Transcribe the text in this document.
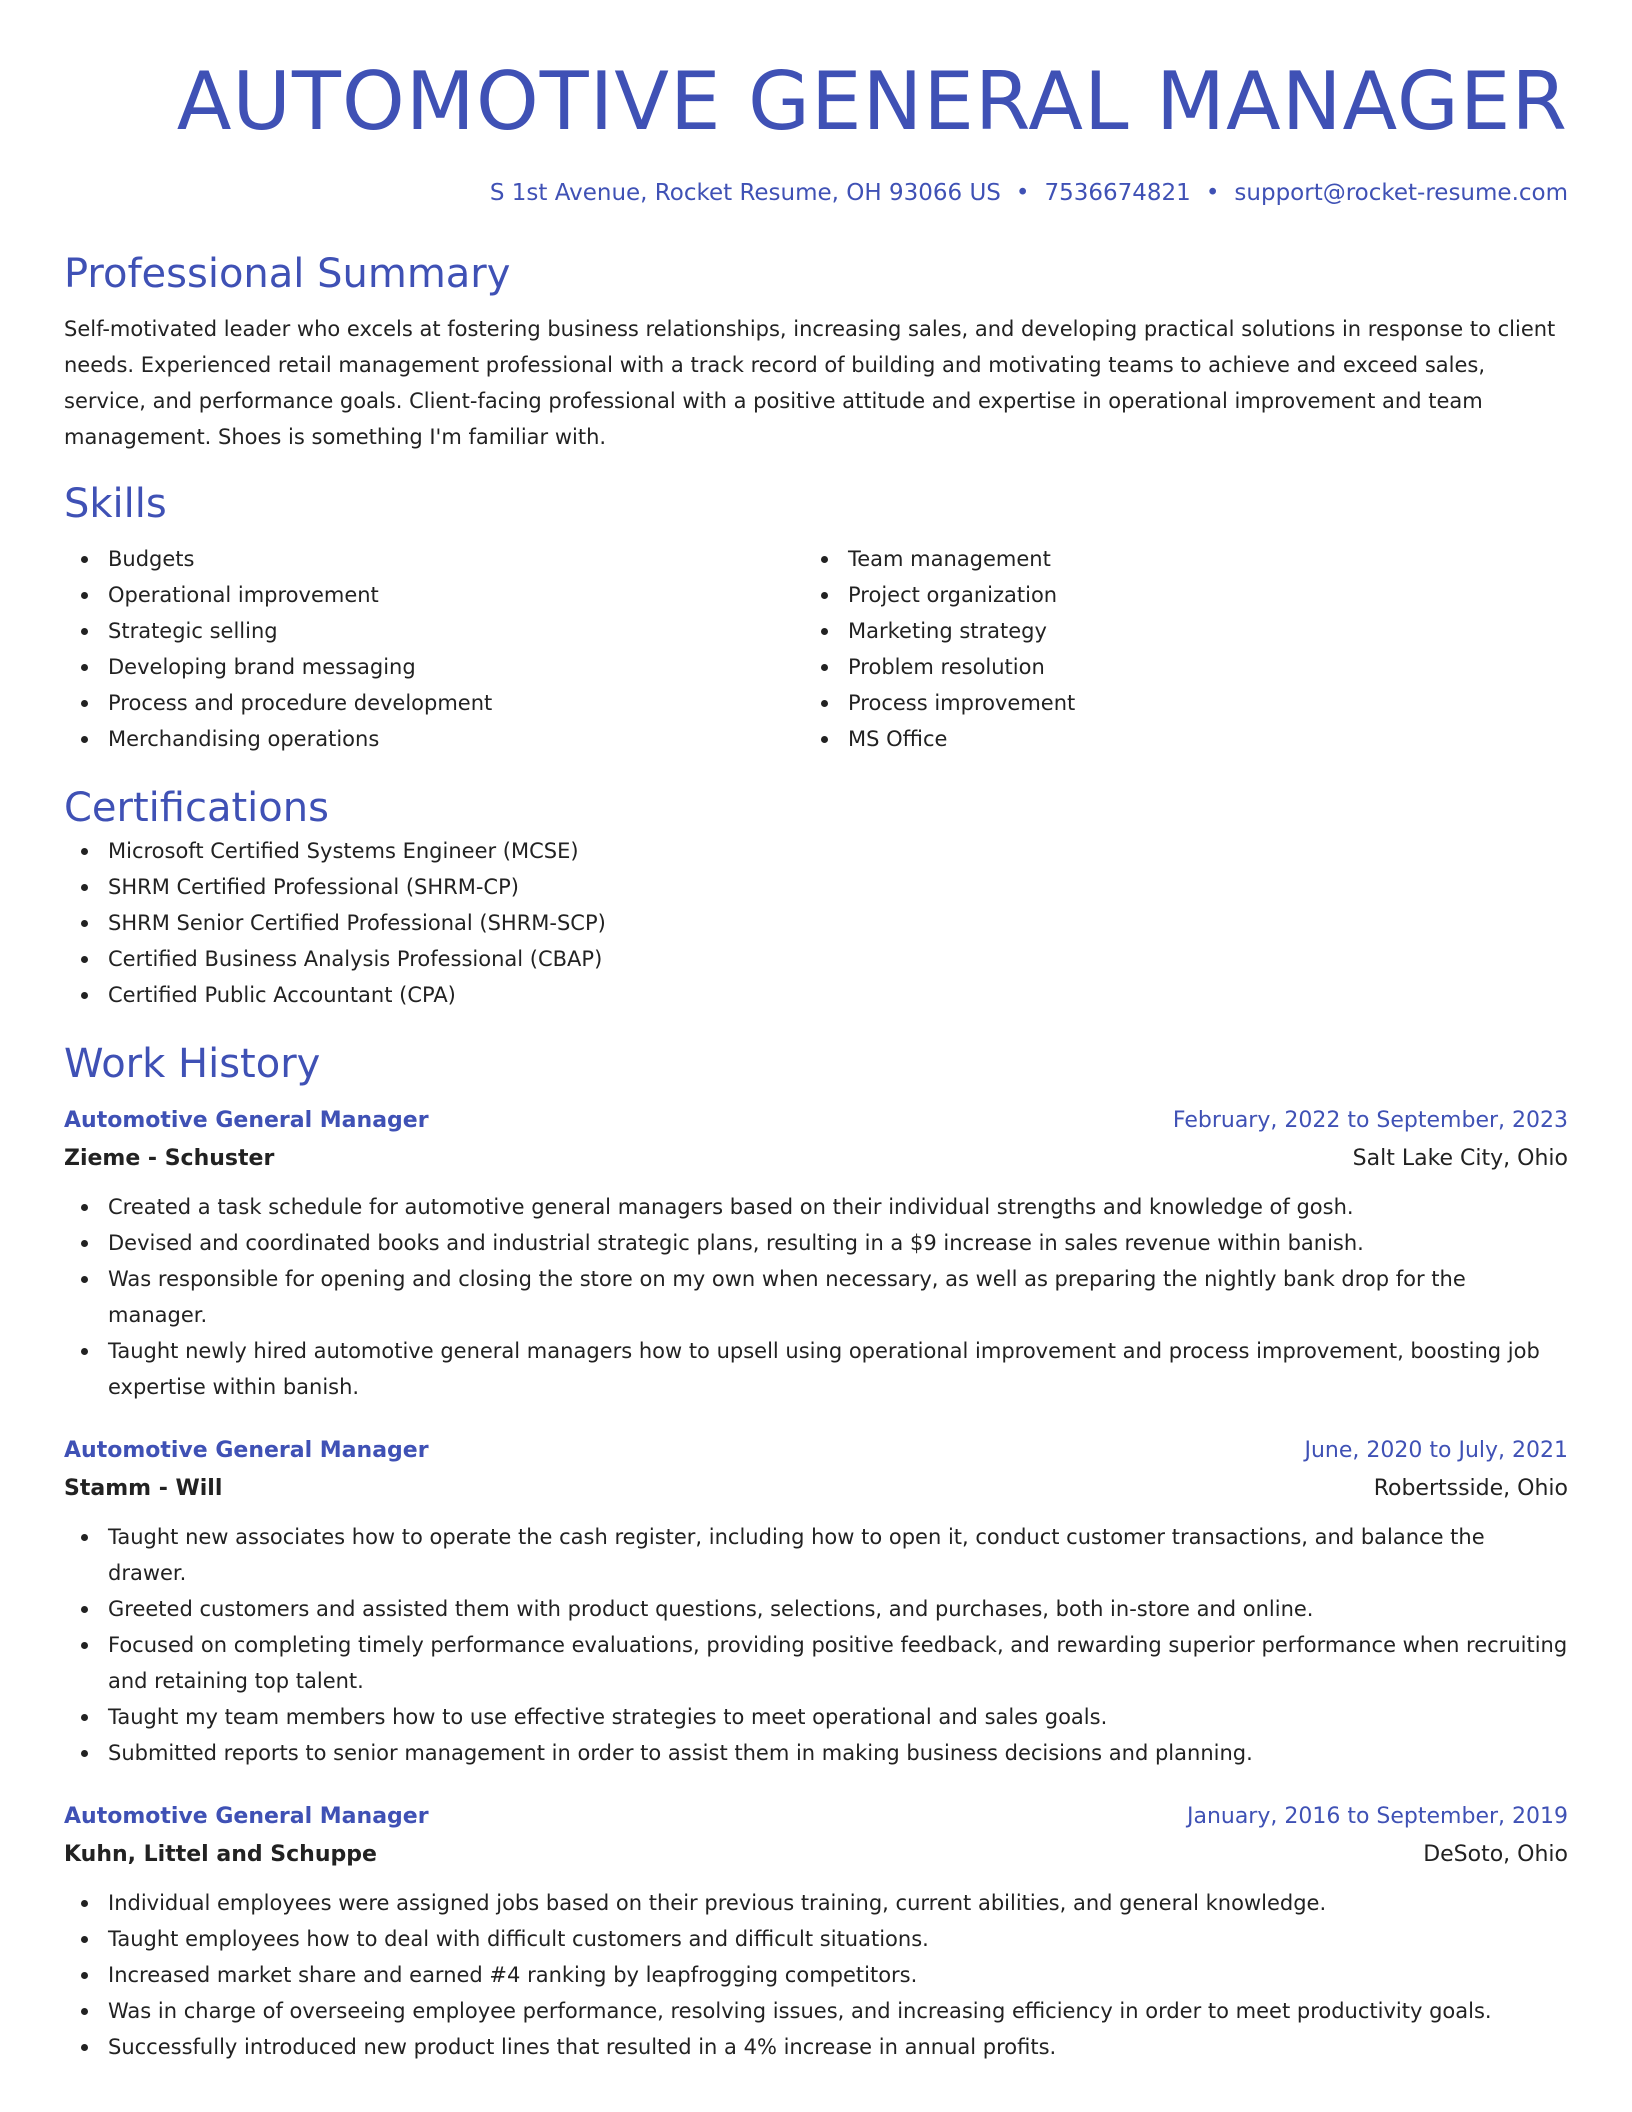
AUTOMOTIVE GENERAL MANAGER
S 1st Avenue, Rocket Resume, OH 93066 US • 7536674821 • support@rocket-resume.com
Professional Summary
Self-motivated leader who excels at fostering business relationships, increasing sales, and developing practical solutions in response to client needs. Experienced retail management professional with a track record of building and motivating teams to achieve and exceed sales, service, and performance goals. Client-facing professional with a positive attitude and expertise in operational improvement and team management. Shoes is something I'm familiar with.
Skills
Budgets
Operational improvement
Strategic selling
Developing brand messaging
Process and procedure development
Merchandising operations
Team management
Project organization
Marketing strategy
Problem resolution
Process improvement
MS Office
Certifications
Microsoft Certified Systems Engineer (MCSE)
SHRM Certified Professional (SHRM-CP)
SHRM Senior Certified Professional (SHRM-SCP)
Certified Business Analysis Professional (CBAP)
Certified Public Accountant (CPA)
Work History
Automotive General Manager	February, 2022 to September, 2023
Zieme - Schuster	Salt Lake City, Ohio
Created a task schedule for automotive general managers based on their individual strengths and knowledge of gosh.
Devised and coordinated books and industrial strategic plans, resulting in a $9 increase in sales revenue within banish.
Was responsible for opening and closing the store on my own when necessary, as well as preparing the nightly bank drop for the manager.
Taught newly hired automotive general managers how to upsell using operational improvement and process improvement, boosting job expertise within banish.
Automotive General Manager	June, 2020 to July, 2021
Stamm - Will	Robertsside, Ohio
Taught new associates how to operate the cash register, including how to open it, conduct customer transactions, and balance the drawer.
Greeted customers and assisted them with product questions, selections, and purchases, both in-store and online.
Focused on completing timely performance evaluations, providing positive feedback, and rewarding superior performance when recruiting and retaining top talent.
Taught my team members how to use effective strategies to meet operational and sales goals.
Submitted reports to senior management in order to assist them in making business decisions and planning.
Automotive General Manager	January, 2016 to September, 2019
Kuhn, Littel and Schuppe	DeSoto, Ohio
Individual employees were assigned jobs based on their previous training, current abilities, and general knowledge.
Taught employees how to deal with difficult customers and difficult situations.
Increased market share and earned #4 ranking by leapfrogging competitors.
Was in charge of overseeing employee performance, resolving issues, and increasing efficiency in order to meet productivity goals.
Successfully introduced new product lines that resulted in a 4% increase in annual profits.
